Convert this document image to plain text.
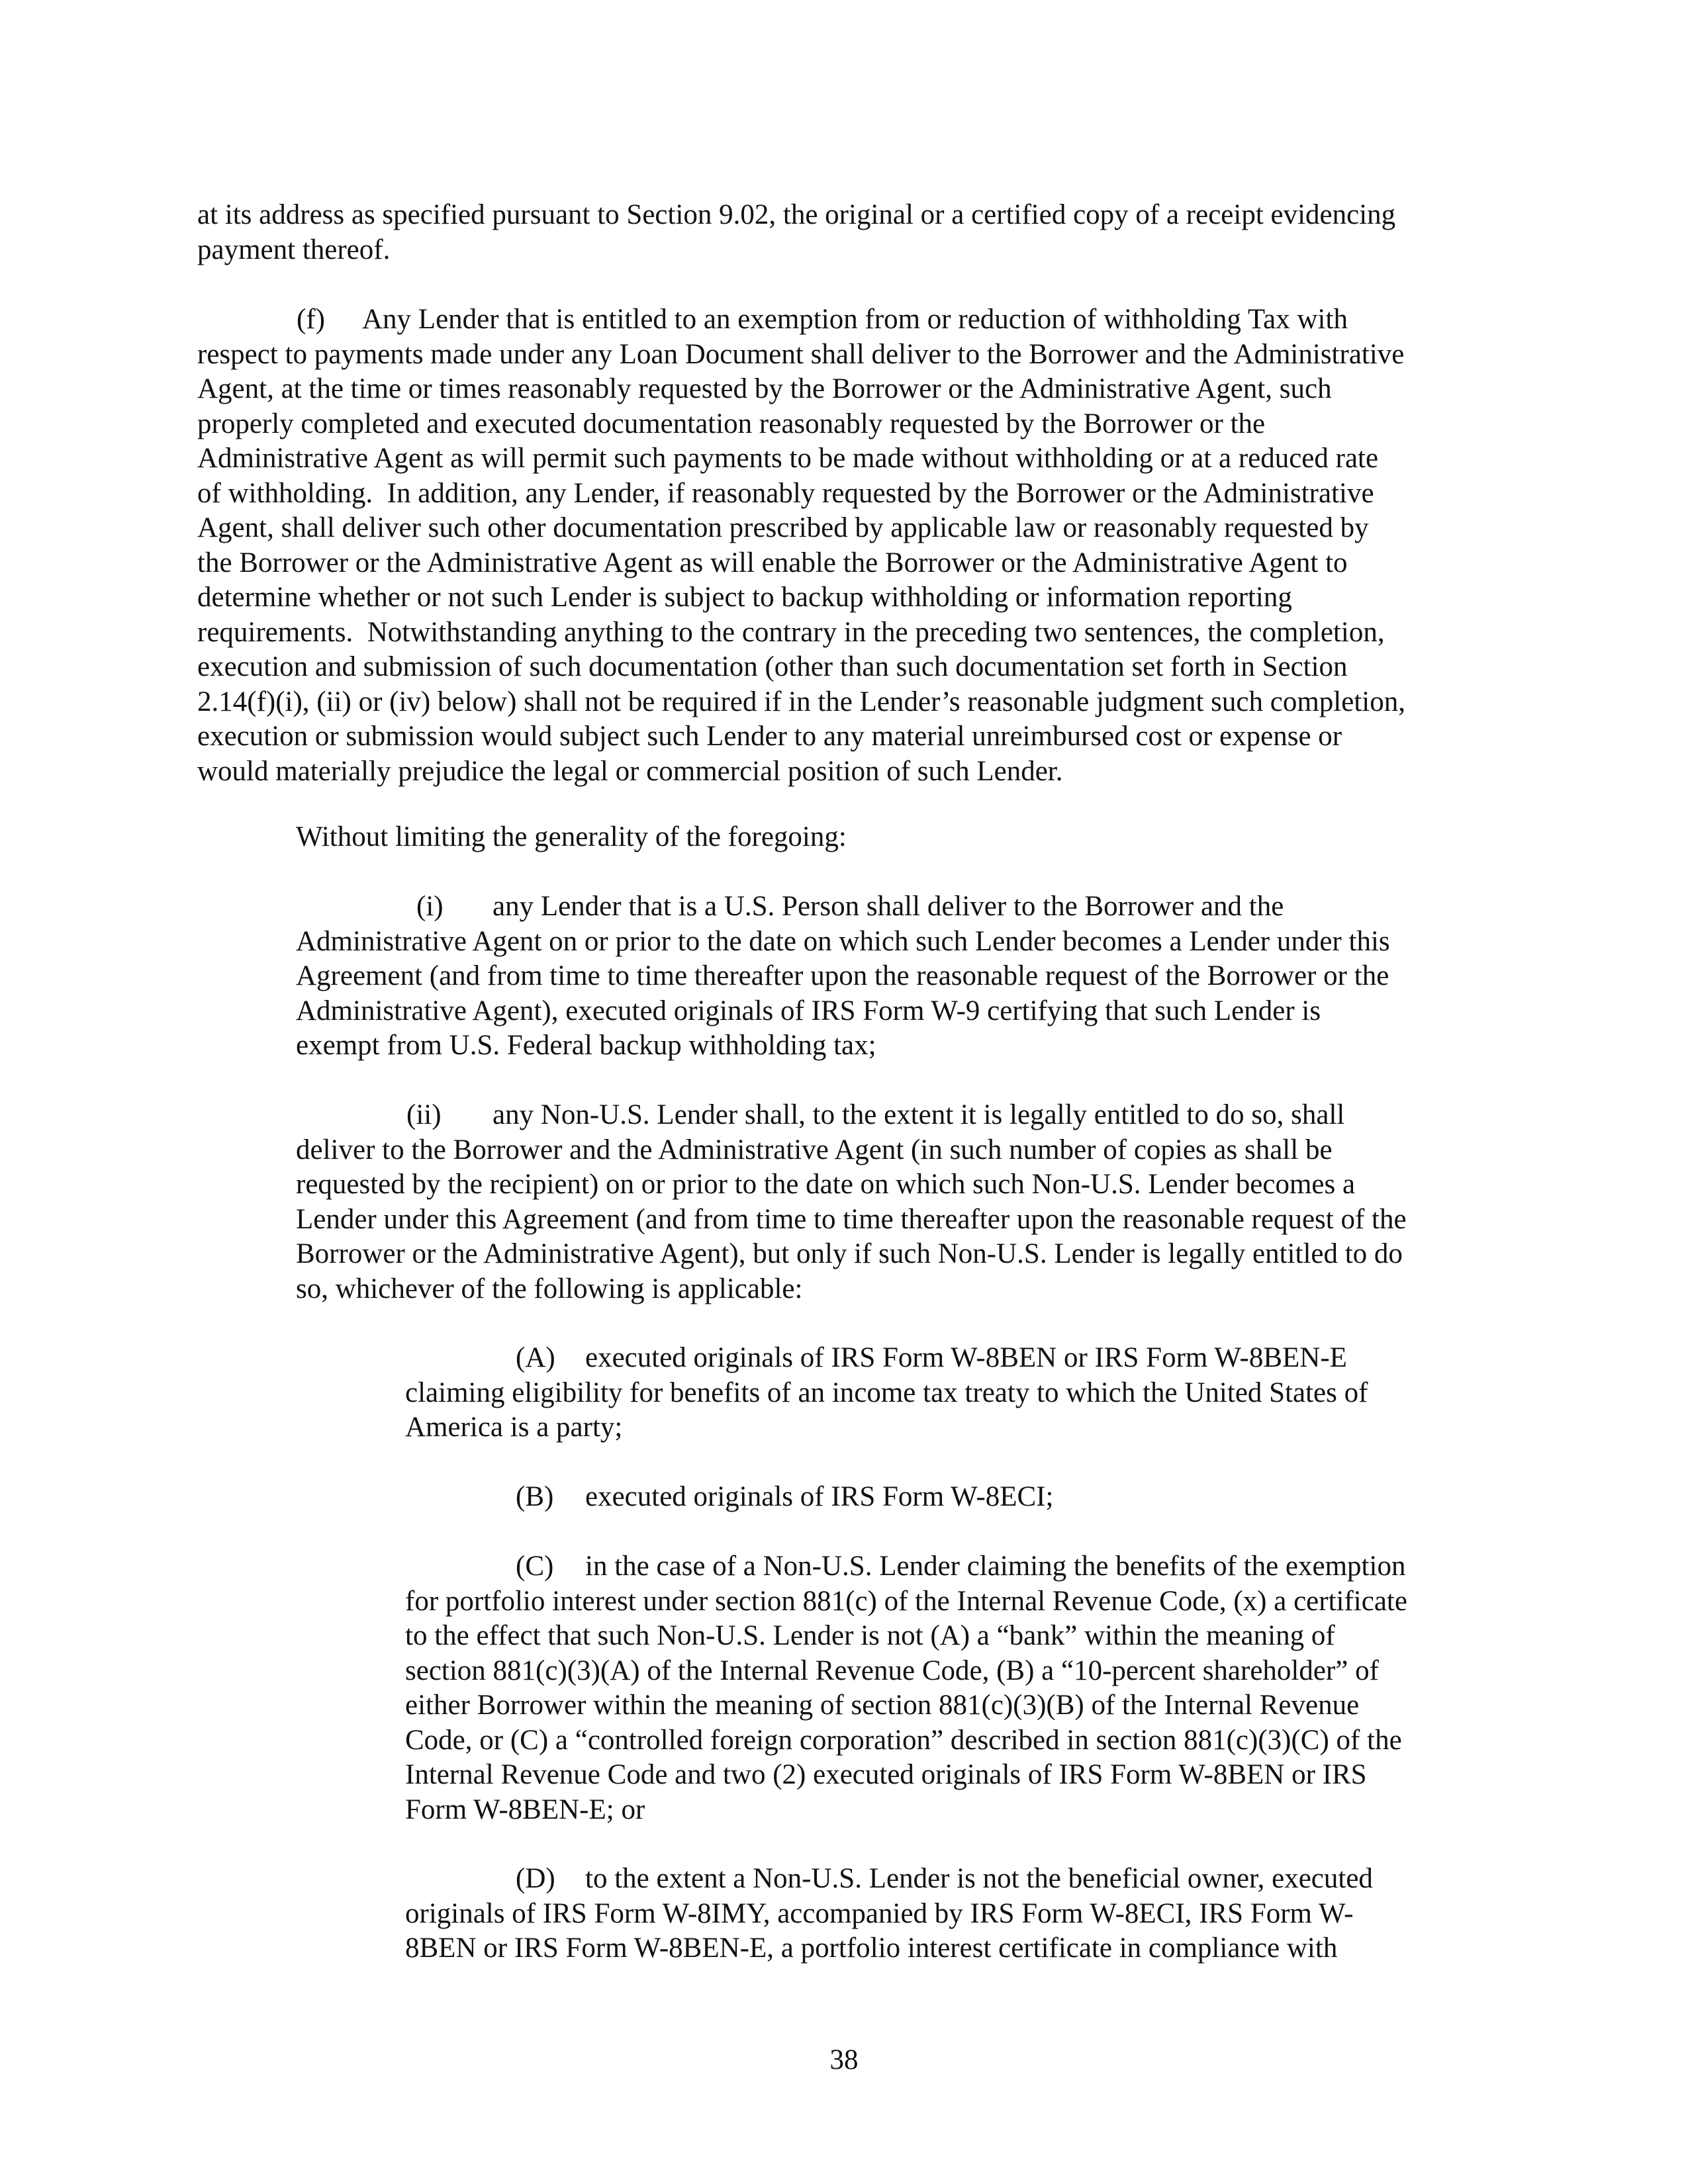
at its address as specified pursuant to Section 9.02, the original or a certified copy of a receipt evidencing
payment thereof.

(f) Any Lender that is entitled to an exemption from or reduction of withholding Tax with
respect to payments made under any Loan Document shall deliver to the Borrower and the Administrative
Agent, at the time or times reasonably requested by the Borrower or the Administrative Agent, such
properly completed and executed documentation reasonably requested by the Borrower or the
Administrative Agent as will permit such payments to be made without withholding or at a reduced rate
of withholding.  In addition, any Lender, if reasonably requested by the Borrower or the Administrative
Agent, shall deliver such other documentation prescribed by applicable law or reasonably requested by
the Borrower or the Administrative Agent as will enable the Borrower or the Administrative Agent to
determine whether or not such Lender is subject to backup withholding or information reporting
requirements.  Notwithstanding anything to the contrary in the preceding two sentences, the completion,
execution and submission of such documentation (other than such documentation set forth in Section
2.14(f)(i), (ii) or (iv) below) shall not be required if in the Lender’s reasonable judgment such completion,
execution or submission would subject such Lender to any material unreimbursed cost or expense or
would materially prejudice the legal or commercial position of such Lender.

Without limiting the generality of the foregoing:

(i) any Lender that is a U.S. Person shall deliver to the Borrower and the
Administrative Agent on or prior to the date on which such Lender becomes a Lender under this
Agreement (and from time to time thereafter upon the reasonable request of the Borrower or the
Administrative Agent), executed originals of IRS Form W-9 certifying that such Lender is
exempt from U.S. Federal backup withholding tax;

(ii) any Non-U.S. Lender shall, to the extent it is legally entitled to do so, shall
deliver to the Borrower and the Administrative Agent (in such number of copies as shall be
requested by the recipient) on or prior to the date on which such Non-U.S. Lender becomes a
Lender under this Agreement (and from time to time thereafter upon the reasonable request of the
Borrower or the Administrative Agent), but only if such Non-U.S. Lender is legally entitled to do
so, whichever of the following is applicable:

(A) executed originals of IRS Form W-8BEN or IRS Form W-8BEN-E
claiming eligibility for benefits of an income tax treaty to which the United States of
America is a party;

(B) executed originals of IRS Form W-8ECI;

(C) in the case of a Non-U.S. Lender claiming the benefits of the exemption
for portfolio interest under section 881(c) of the Internal Revenue Code, (x) a certificate
to the effect that such Non-U.S. Lender is not (A) a “bank” within the meaning of
section 881(c)(3)(A) of the Internal Revenue Code, (B) a “10-percent shareholder” of
either Borrower within the meaning of section 881(c)(3)(B) of the Internal Revenue
Code, or (C) a “controlled foreign corporation” described in section 881(c)(3)(C) of the
Internal Revenue Code and two (2) executed originals of IRS Form W-8BEN or IRS
Form W-8BEN-E; or

(D) to the extent a Non-U.S. Lender is not the beneficial owner, executed
originals of IRS Form W-8IMY, accompanied by IRS Form W-8ECI, IRS Form W-
8BEN or IRS Form W-8BEN-E, a portfolio interest certificate in compliance with

38
